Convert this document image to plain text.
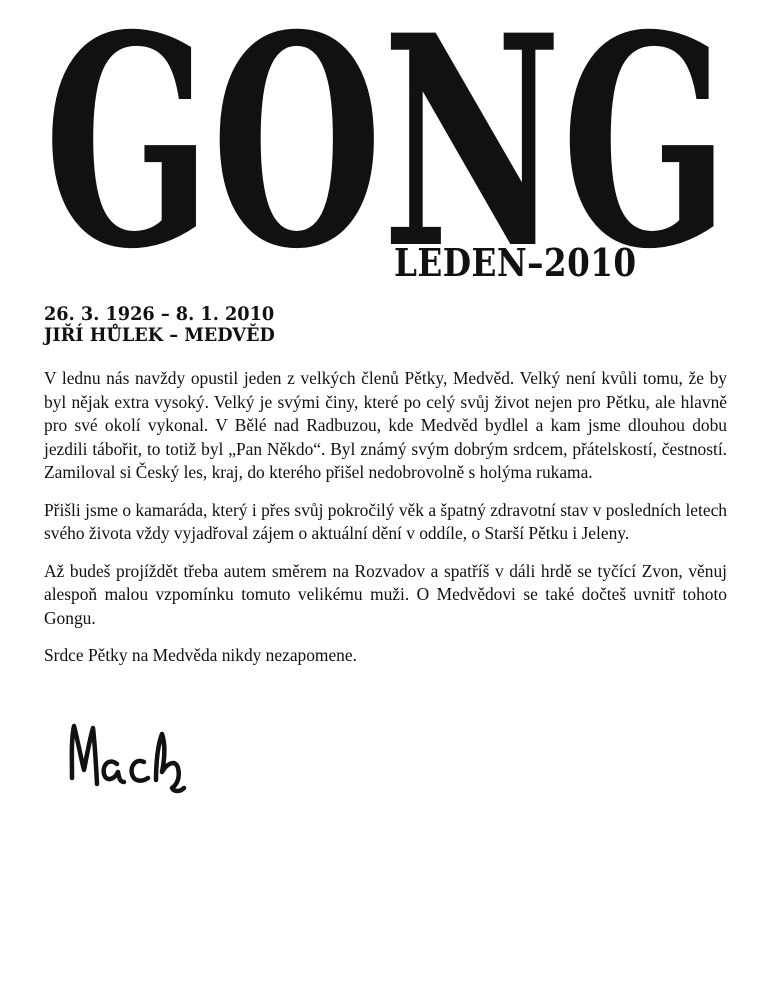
GONG
LEDEN–2010
26. 3. 1926 – 8. 1. 2010
JIŘÍ HŮLEK – MEDVĚD

V lednu nás navždy opustil jeden z velkých členů Pětky, Medvěd. Velký není kvůli tomu, že by byl nějak extra vysoký. Velký je svými činy, které po celý svůj život nejen pro Pětku, ale hlavně pro své okolí vykonal. V Bělé nad Radbuzou, kde Medvěd bydlel a kam jsme dlouhou dobu jezdili tábořit, to totiž byl „Pan Někdo“. Byl známý svým dobrým srdcem, přátelskostí, čestností. Zamiloval si Český les, kraj, do kterého přišel nedobrovolně s holýma rukama.

Přišli jsme o kamaráda, který i přes svůj pokročilý věk a špatný zdravotní stav v posledních letech svého života vždy vyjadřoval zájem o aktuální dění v oddíle, o Starší Pětku i Jeleny.

Až budeš projíždět třeba autem směrem na Rozvadov a spatříš v dáli hrdě se tyčící Zvon, věnuj alespoň malou vzpomínku tomuto velikému muži. O Medvědovi se také dočteš uvnitř tohoto Gongu.

Srdce Pětky na Medvěda nikdy nezapomene.
